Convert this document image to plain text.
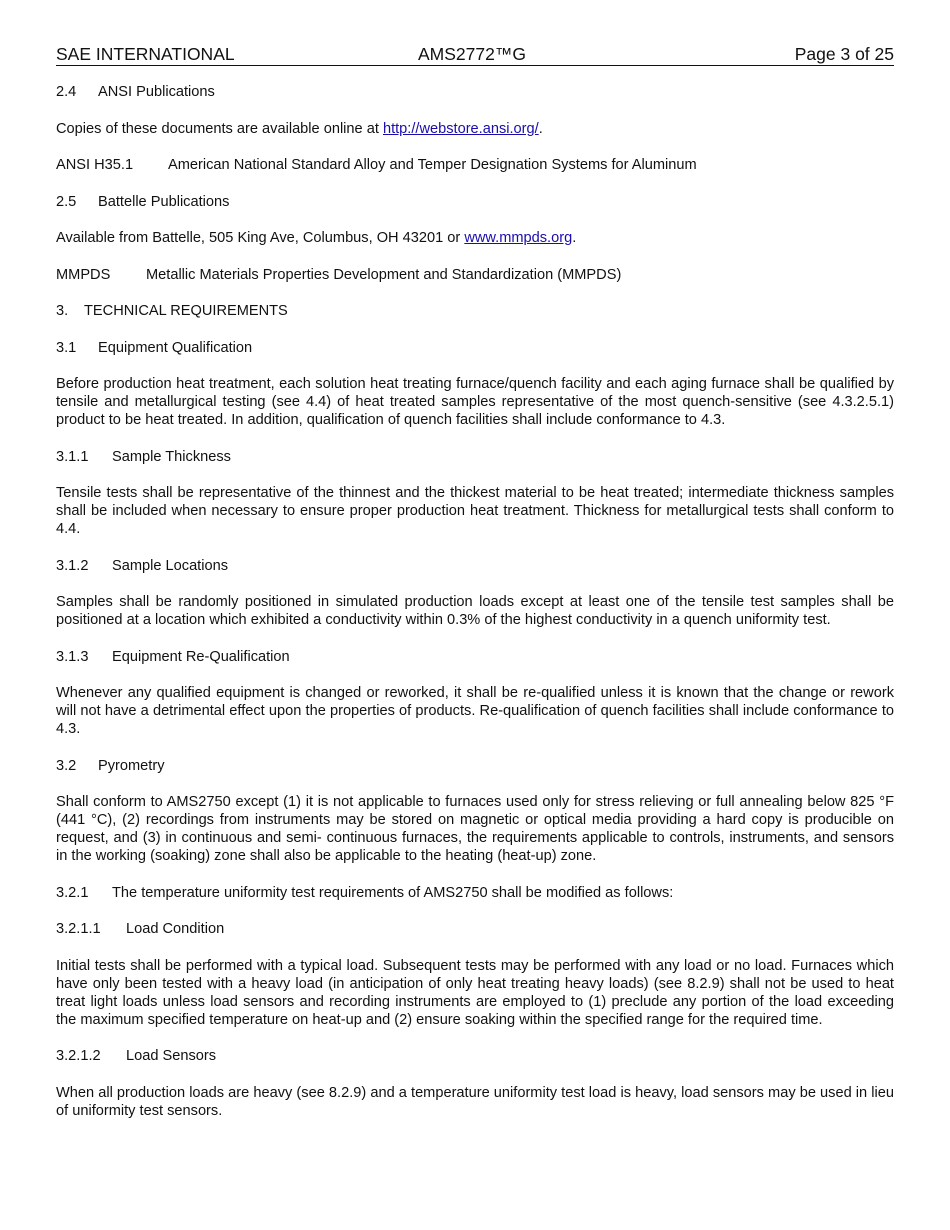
SAE INTERNATIONAL	AMS2772™G	Page 3 of 25

2.4 ANSI Publications

Copies of these documents are available online at http://webstore.ansi.org/.

ANSI H35.1 American National Standard Alloy and Temper Designation Systems for Aluminum

2.5 Battelle Publications

Available from Battelle, 505 King Ave, Columbus, OH 43201 or www.mmpds.org.

MMPDS Metallic Materials Properties Development and Standardization (MMPDS)

3. TECHNICAL REQUIREMENTS

3.1 Equipment Qualification

Before production heat treatment, each solution heat treating furnace/quench facility and each aging furnace shall be qualified by tensile and metallurgical testing (see 4.4) of heat treated samples representative of the most quench-sensitive (see 4.3.2.5.1) product to be heat treated. In addition, qualification of quench facilities shall include conformance to 4.3.

3.1.1 Sample Thickness

Tensile tests shall be representative of the thinnest and the thickest material to be heat treated; intermediate thickness samples shall be included when necessary to ensure proper production heat treatment. Thickness for metallurgical tests shall conform to 4.4.

3.1.2 Sample Locations

Samples shall be randomly positioned in simulated production loads except at least one of the tensile test samples shall be positioned at a location which exhibited a conductivity within 0.3% of the highest conductivity in a quench uniformity test.

3.1.3 Equipment Re-Qualification

Whenever any qualified equipment is changed or reworked, it shall be re-qualified unless it is known that the change or rework will not have a detrimental effect upon the properties of products. Re-qualification of quench facilities shall include conformance to 4.3.

3.2 Pyrometry

Shall conform to AMS2750 except (1) it is not applicable to furnaces used only for stress relieving or full annealing below 825 °F (441 °C), (2) recordings from instruments may be stored on magnetic or optical media providing a hard copy is producible on request, and (3) in continuous and semi- continuous furnaces, the requirements applicable to controls, instruments, and sensors in the working (soaking) zone shall also be applicable to the heating (heat-up) zone.

3.2.1 The temperature uniformity test requirements of AMS2750 shall be modified as follows:

3.2.1.1 Load Condition

Initial tests shall be performed with a typical load. Subsequent tests may be performed with any load or no load. Furnaces which have only been tested with a heavy load (in anticipation of only heat treating heavy loads) (see 8.2.9) shall not be used to heat treat light loads unless load sensors and recording instruments are employed to (1) preclude any portion of the load exceeding the maximum specified temperature on heat-up and (2) ensure soaking within the specified range for the required time.

3.2.1.2 Load Sensors

When all production loads are heavy (see 8.2.9) and a temperature uniformity test load is heavy, load sensors may be used in lieu of uniformity test sensors.
